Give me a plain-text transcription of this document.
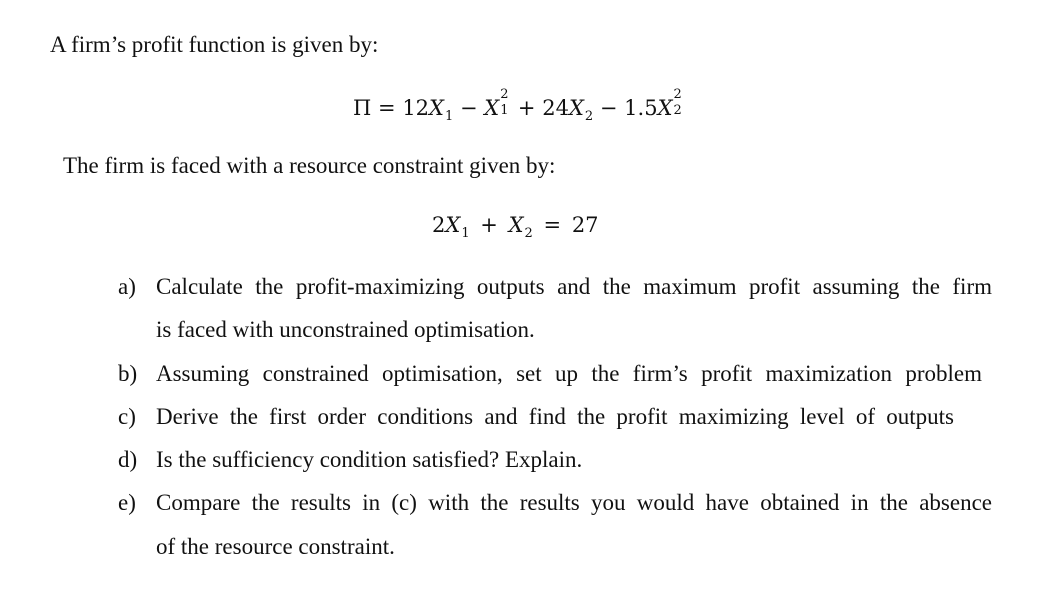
A firm’s profit function is given by:
$\Pi = 12X_1 - X$
2
$1 + 24X_2 - 1.5X$
2
2
The firm is faced with a resource constraint given by:
$2X_1 + X_2 = 27$
a) Calculate the profit-maximizing outputs and the maximum profit assuming the firm
is faced with unconstrained optimisation.
b) Assuming constrained optimisation, set up the firm’s profit maximization problem
c) Derive the first order conditions and find the profit maximizing level of outputs
d) Is the sufficiency condition satisfied? Explain.
e) Compare the results in (c) with the results you would have obtained in the absence
of the resource constraint.
